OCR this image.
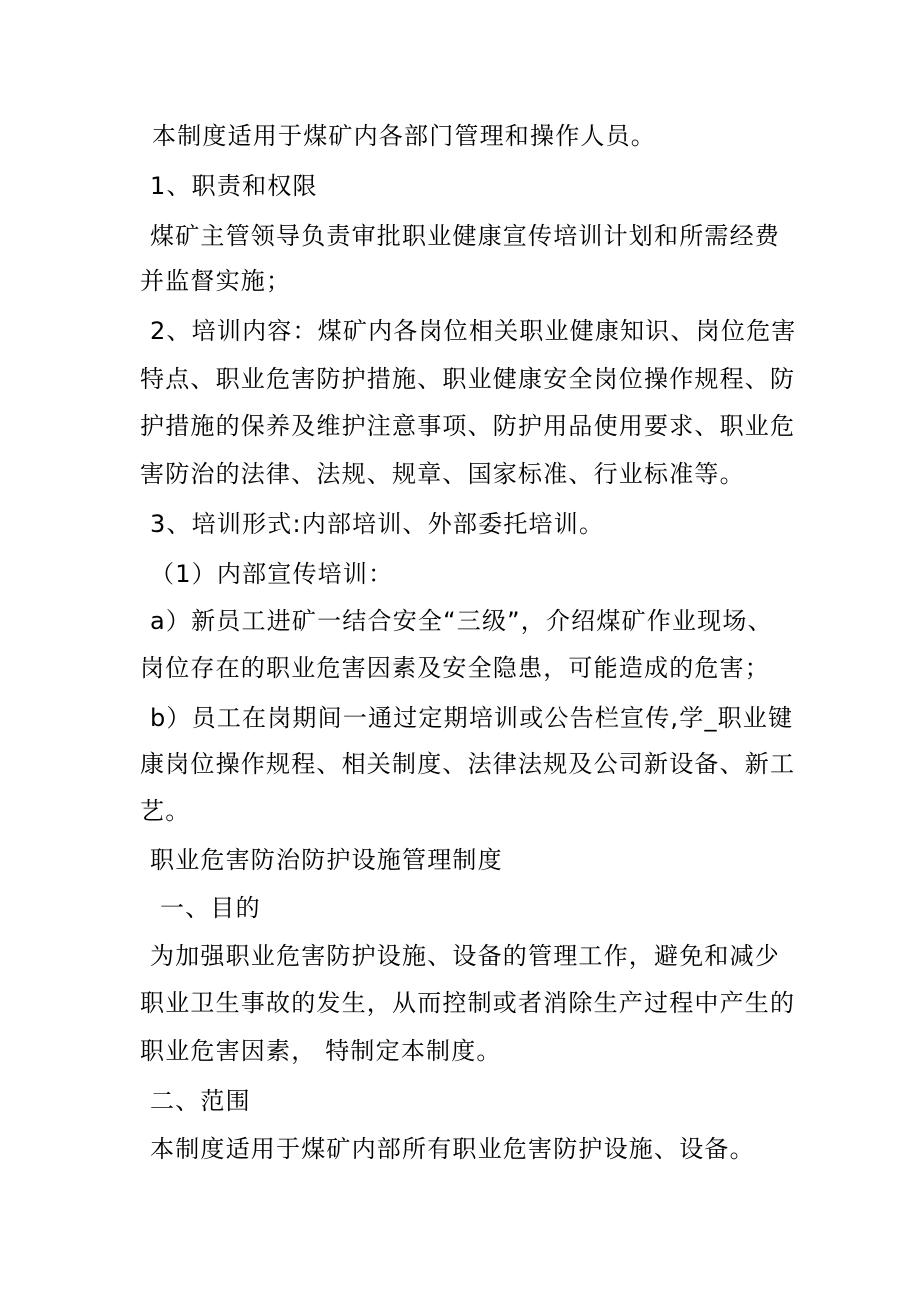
本制度适用于煤矿内各部门管理和操作人员。
1、职责和权限
煤矿主管领导负责审批职业健康宣传培训计划和所需经费
并监督实施；
2、培训内容：煤矿内各岗位相关职业健康知识、岗位危害
特点、职业危害防护措施、职业健康安全岗位操作规程、防
护措施的保养及维护注意事项、防护用品使用要求、职业危
害防治的法律、法规、规章、国家标准、行业标准等。
3、培训形式:内部培训、外部委托培训。
（1）内部宣传培训：
a）新员工进矿一结合安全“三级”，介绍煤矿作业现场、
岗位存在的职业危害因素及安全隐患，可能造成的危害；
b）员工在岗期间一通过定期培训或公告栏宣传,学_职业键
康岗位操作规程、相关制度、法律法规及公司新设备、新工
艺。
职业危害防治防护设施管理制度
一、目的
为加强职业危害防护设施、设备的管理工作，避免和减少
职业卫生事故的发生，从而控制或者消除生产过程中产生的
职业危害因素， 特制定本制度。
二、范围
本制度适用于煤矿内部所有职业危害防护设施、设备。
